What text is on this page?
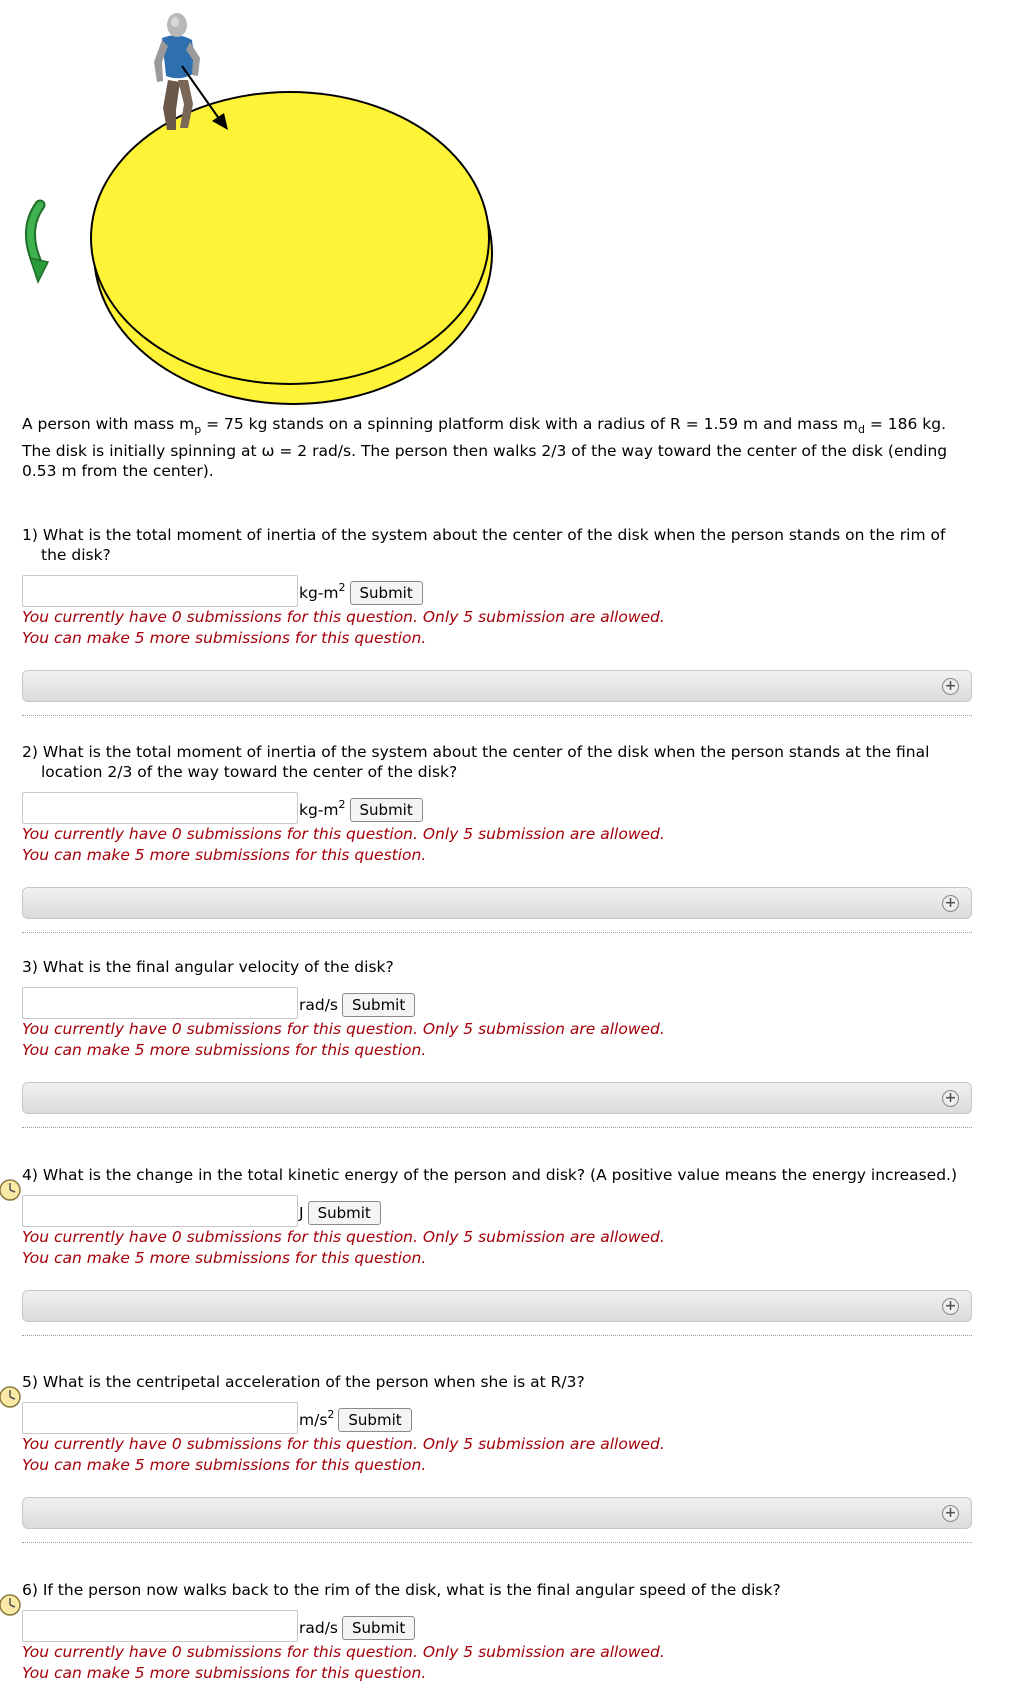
A person with mass $m_p = 75$ kg stands on a spinning platform disk with a radius of R = 1.59 m and mass $m_d = 186$ kg. The disk is initially spinning at ω = 2 rad/s. The person then walks 2/3 of the way toward the center of the disk (ending 0.53 m from the center).
1) What is the total moment of inertia of the system about the center of the disk when the person stands on the rim of the disk?
$kg-m^2$ Submit
You currently have 0 submissions for this question. Only 5 submission are allowed.
You can make 5 more submissions for this question.
+
2) What is the total moment of inertia of the system about the center of the disk when the person stands at the final location 2/3 of the way toward the center of the disk?
$kg-m^2$ Submit
You currently have 0 submissions for this question. Only 5 submission are allowed.
You can make 5 more submissions for this question.
+
3) What is the final angular velocity of the disk?
rad/s Submit
You currently have 0 submissions for this question. Only 5 submission are allowed.
You can make 5 more submissions for this question.
+
4) What is the change in the total kinetic energy of the person and disk? (A positive value means the energy increased.)
J Submit
You currently have 0 submissions for this question. Only 5 submission are allowed.
You can make 5 more submissions for this question.
+
5) What is the centripetal acceleration of the person when she is at R/3?
$m/s^2$ Submit
You currently have 0 submissions for this question. Only 5 submission are allowed.
You can make 5 more submissions for this question.
+
6) If the person now walks back to the rim of the disk, what is the final angular speed of the disk?
rad/s Submit
You currently have 0 submissions for this question. Only 5 submission are allowed.
You can make 5 more submissions for this question.
